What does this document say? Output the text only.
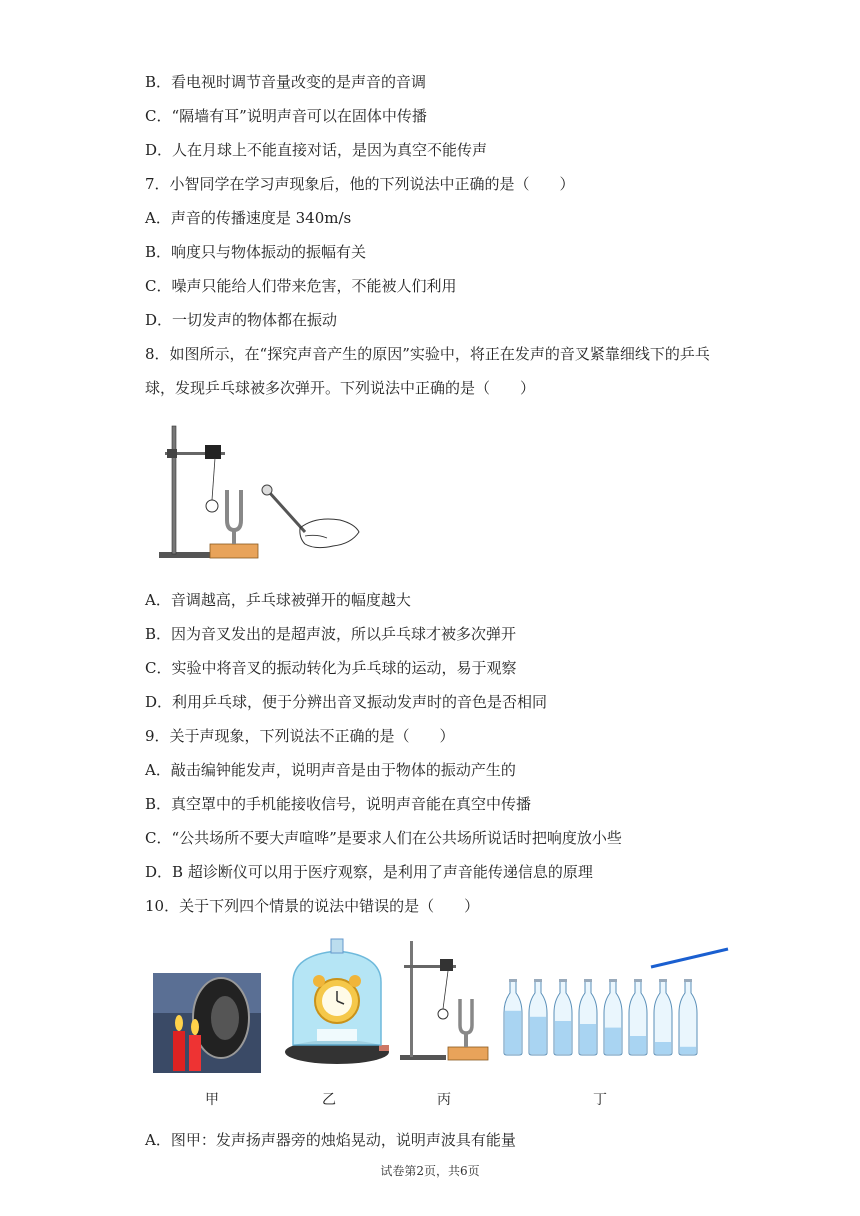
B．看电视时调节音量改变的是声音的音调
C．“隔墙有耳”说明声音可以在固体中传播
D．人在月球上不能直接对话，是因为真空不能传声
7．小智同学在学习声现象后，他的下列说法中正确的是（　　）
A．声音的传播速度是 340m/s
B．响度只与物体振动的振幅有关
C．噪声只能给人们带来危害，不能被人们利用
D．一切发声的物体都在振动
8．如图所示，在“探究声音产生的原因”实验中，将正在发声的音叉紧靠细线下的乒乓
球，发现乒乓球被多次弹开。下列说法中正确的是（　　）
A．音调越高，乒乓球被弹开的幅度越大
B．因为音叉发出的是超声波，所以乒乓球才被多次弹开
C．实验中将音叉的振动转化为乒乓球的运动，易于观察
D．利用乒乓球，便于分辨出音叉振动发声时的音色是否相同
9．关于声现象，下列说法不正确的是（　　）
A．敲击编钟能发声，说明声音是由于物体的振动产生的
B．真空罩中的手机能接收信号，说明声音能在真空中传播
C．“公共场所不要大声喧哗”是要求人们在公共场所说话时把响度放小些
D．B 超诊断仪可以用于医疗观察，是利用了声音能传递信息的原理
10．关于下列四个情景的说法中错误的是（　　）
甲	乙	丙	丁
A．图甲：发声扬声器旁的烛焰晃动，说明声波具有能量
试卷第2页，共6页
